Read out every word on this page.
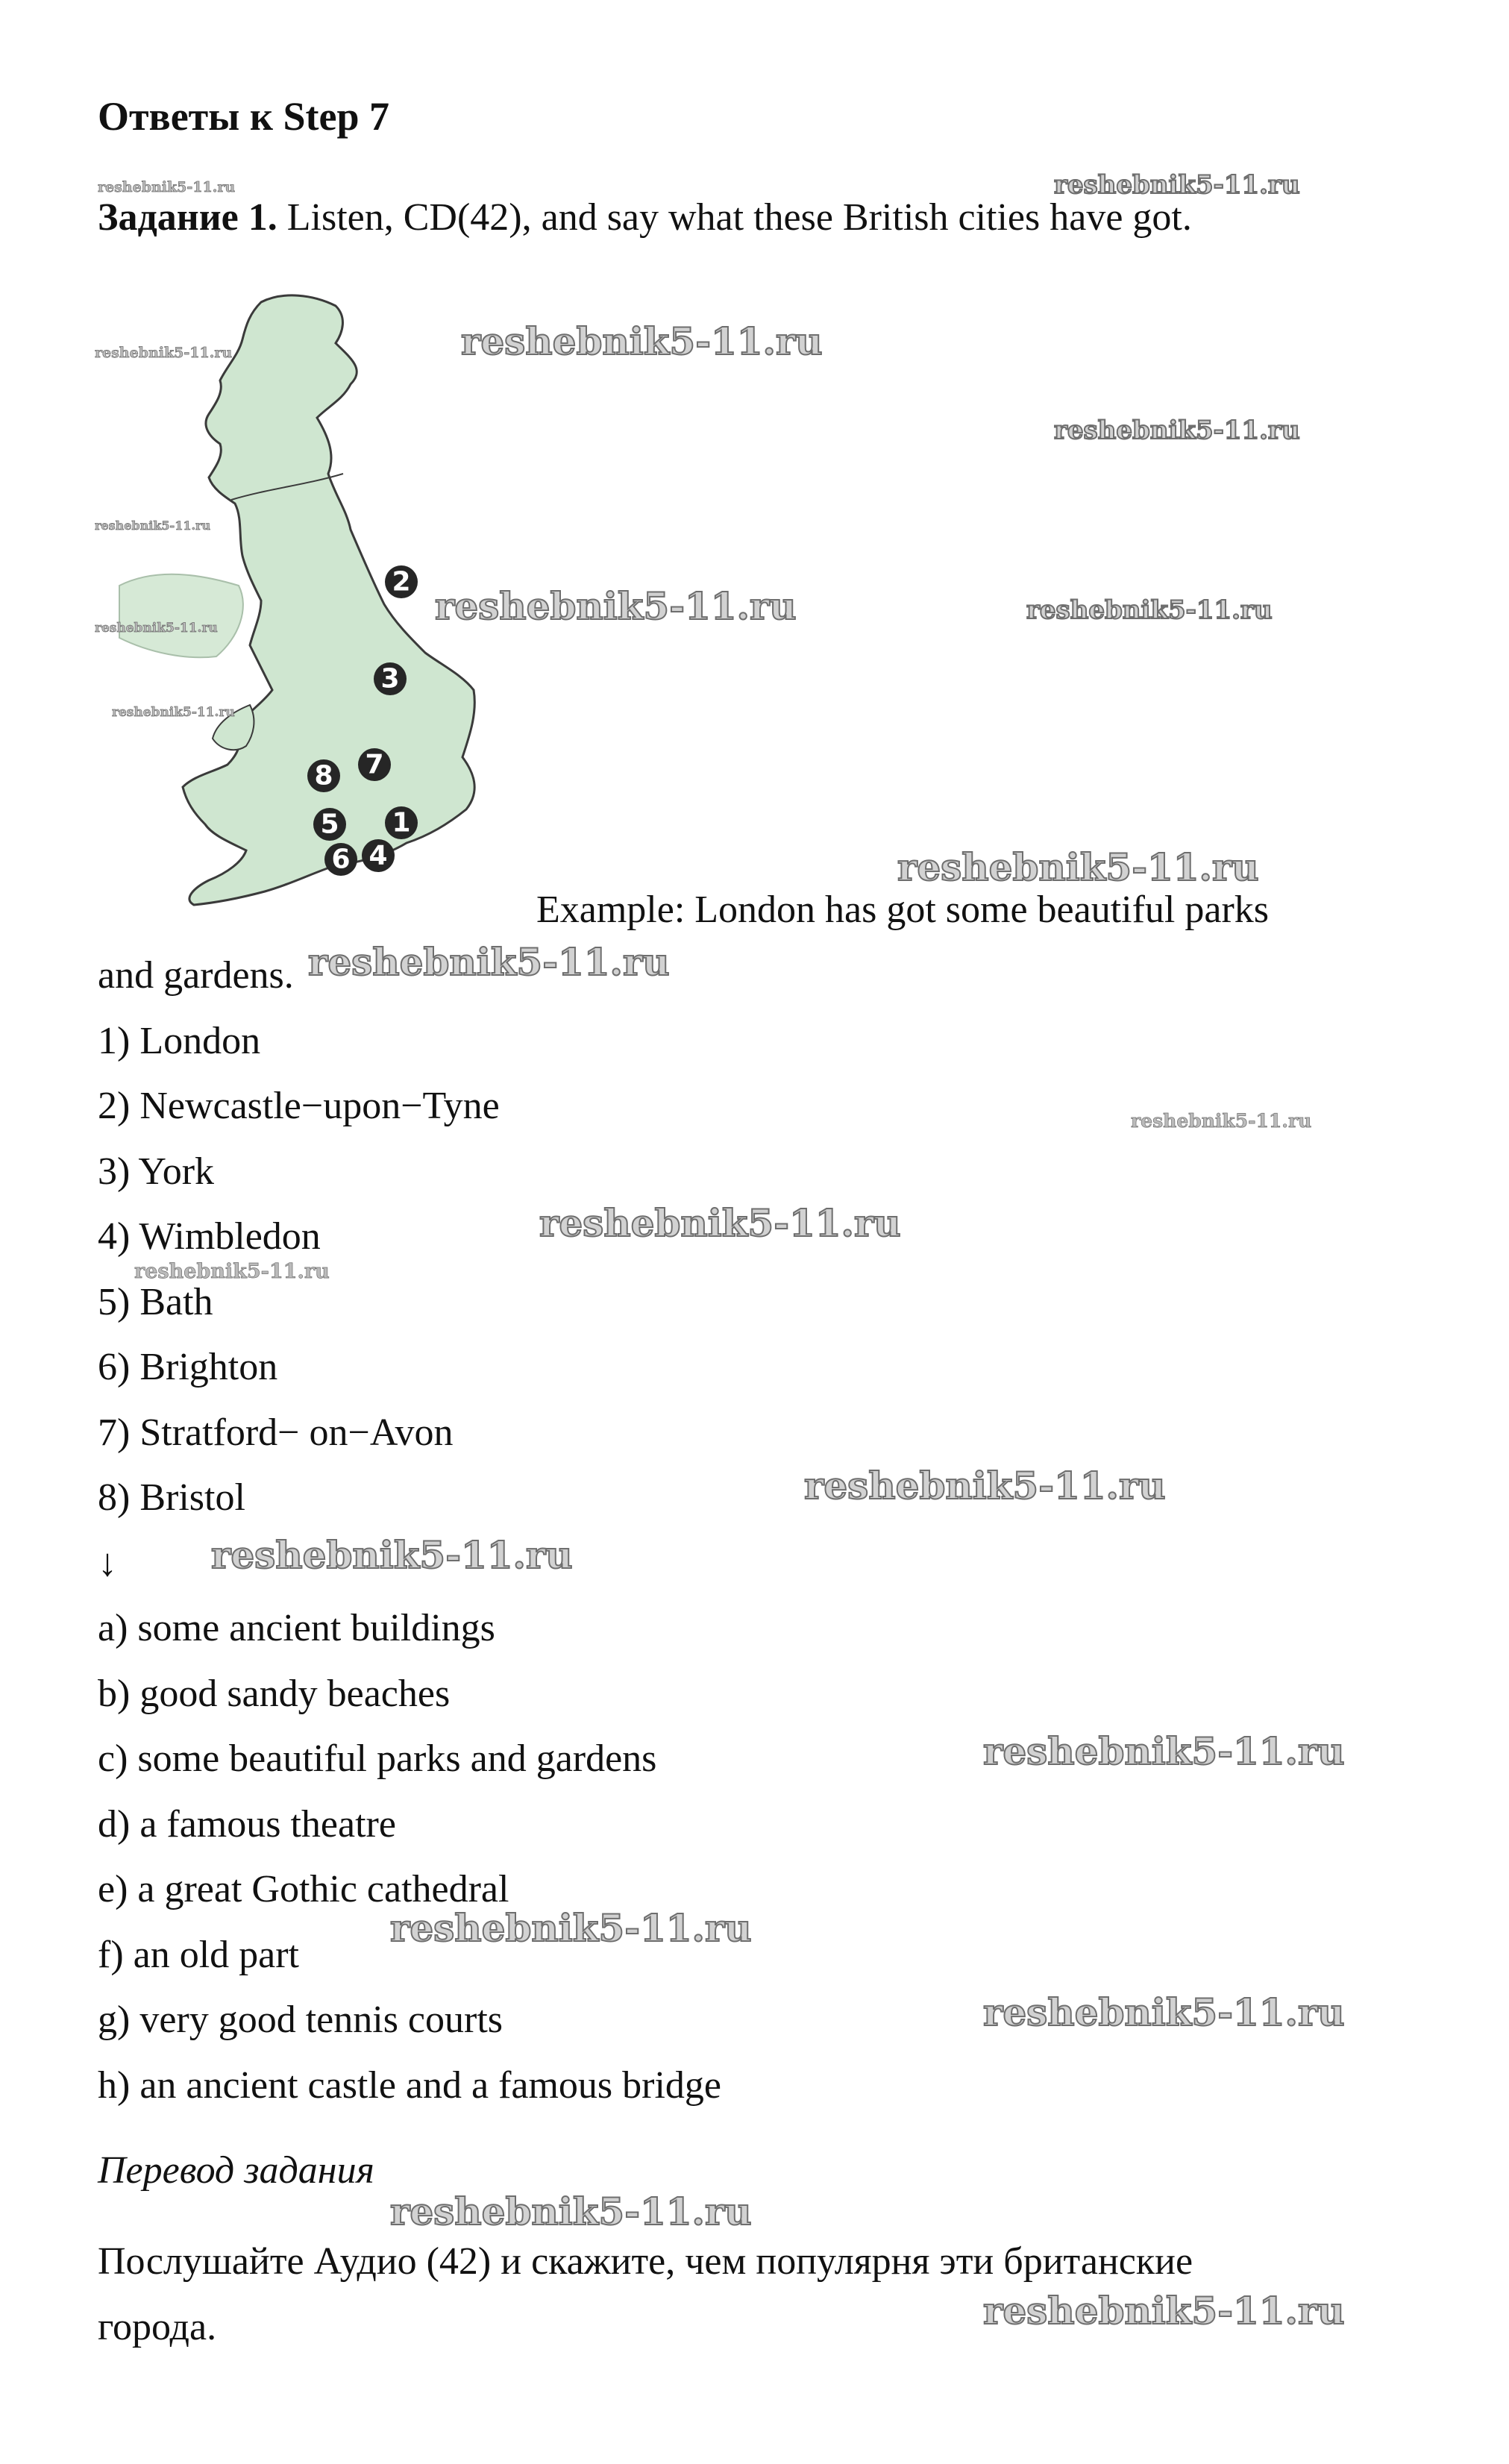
Ответы к Step 7
Задание 1. Listen, CD(42), and say what these British cities have got.
2
3
7
8
5 1
6 4
Example: London has got some beautiful parks
and gardens.
1) London
2) Newcastle−upon−Tyne
3) York
4) Wimbledon
5) Bath
6) Brighton
7) Stratford− on−Avon
8) Bristol
↓
a) some ancient buildings
b) good sandy beaches
c) some beautiful parks and gardens
d) a famous theatre
e) a great Gothic cathedral
f) an old part
g) very good tennis courts
h) an ancient castle and a famous bridge
Перевод задания
Послушайте Аудио (42) и скажите, чем популярня эти британские
города.
reshebnik5-11.ru	reshebnik5-11.ru
reshebnik5-11.ru	reshebnik5-11.ru
reshebnik5-11.ru
reshebnik5-11.ru
reshebnik5-11.ru	reshebnik5-11.ru	reshebnik5-11.ru
reshebnik5-11.ru
reshebnik5-11.ru
reshebnik5-11.ru
reshebnik5-11.ru
reshebnik5-11.ru
reshebnik5-11.ru
reshebnik5-11.ru
reshebnik5-11.ru
reshebnik5-11.ru
reshebnik5-11.ru
reshebnik5-11.ru
reshebnik5-11.ru
reshebnik5-11.ru
